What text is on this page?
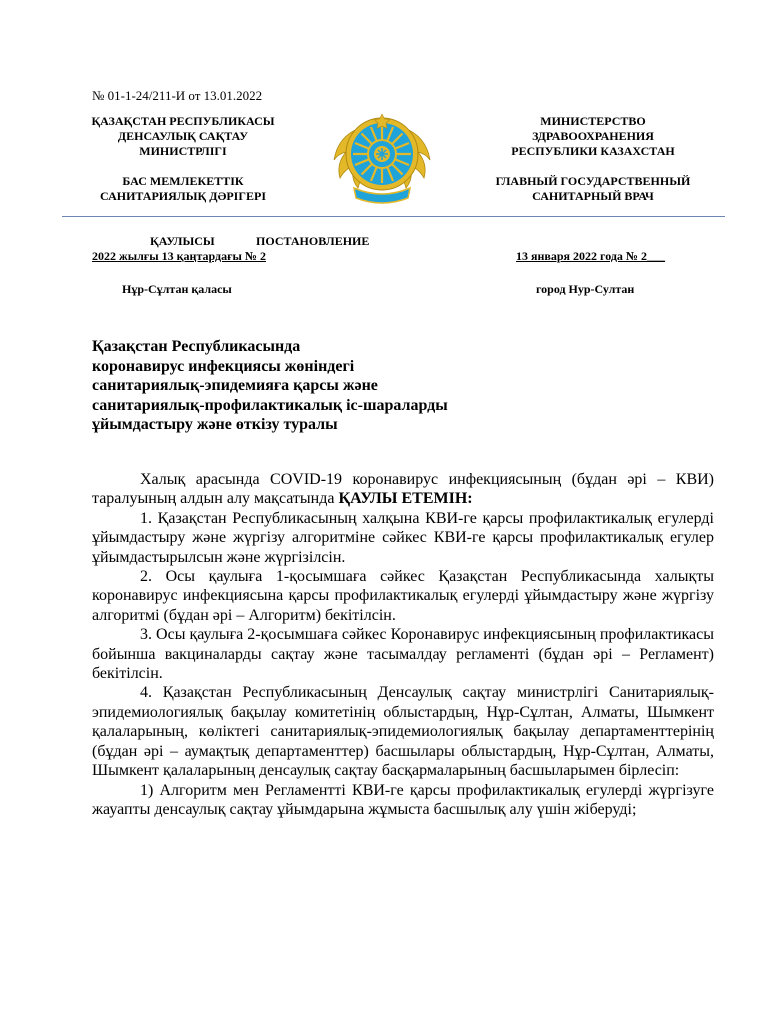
№ 01-1-24/211-И от 13.01.2022
ҚАЗАҚСТАН РЕСПУБЛИКАСЫ
ДЕНСАУЛЫҚ САҚТАУ
МИНИСТРЛІГІ
БАС МЕМЛЕКЕТТІК
САНИТАРИЯЛЫҚ ДӘРІГЕРІ
МИНИСТЕРСТВО
ЗДРАВООХРАНЕНИЯ
РЕСПУБЛИКИ КАЗАХСТАН
ГЛАВНЫЙ ГОСУДАРСТВЕННЫЙ
САНИТАРНЫЙ ВРАЧ
ҚАУЛЫСЫ	ПОСТАНОВЛЕНИЕ
2022 жылғы 13 қаңтардағы № 2	13 января 2022 года № 2___
Нұр-Сұлтан қаласы	город Нур-Султан
Қазақстан Республикасында
коронавирус инфекциясы жөніндегі
санитариялық-эпидемияға қарсы және
санитариялық-профилактикалық іс-шараларды
ұйымдастыру және өткізу туралы

Халық арасында COVID-19 коронавирус инфекциясының (бұдан әрі – КВИ) таралуының алдын алу мақсатында ҚАУЛЫ ЕТЕМІН:

1. Қазақстан Республикасының халқына КВИ-ге қарсы профилактикалық егулерді ұйымдастыру және жүргізу алгоритміне сәйкес КВИ-ге қарсы профилактикалық егулер ұйымдастырылсын және жүргізілсін.

2. Осы қаулыға 1-қосымшаға сәйкес Қазақстан Республикасында халықты коронавирус инфекциясына қарсы профилактикалық егулерді ұйымдастыру және жүргізу алгоритмі (бұдан әрі – Алгоритм) бекітілсін.

3. Осы қаулыға 2-қосымшаға сәйкес Коронавирус инфекциясының профилактикасы бойынша вакциналарды сақтау және тасымалдау регламенті (бұдан әрі – Регламент) бекітілсін.

4. Қазақстан Республикасының Денсаулық сақтау министрлігі Санитариялық-эпидемиологиялық бақылау комитетінің облыстардың, Нұр-Сұлтан, Алматы, Шымкент қалаларының, көліктегі санитариялық-эпидемиологиялық бақылау департаменттерінің (бұдан әрі – аумақтық департаменттер) басшылары облыстардың, Нұр-Сұлтан, Алматы, Шымкент қалаларының денсаулық сақтау басқармаларының басшыларымен бірлесіп:

1) Алгоритм мен Регламентті КВИ-ге қарсы профилактикалық егулерді жүргізуге жауапты денсаулық сақтау ұйымдарына жұмыста басшылық алу үшін жіберуді;
